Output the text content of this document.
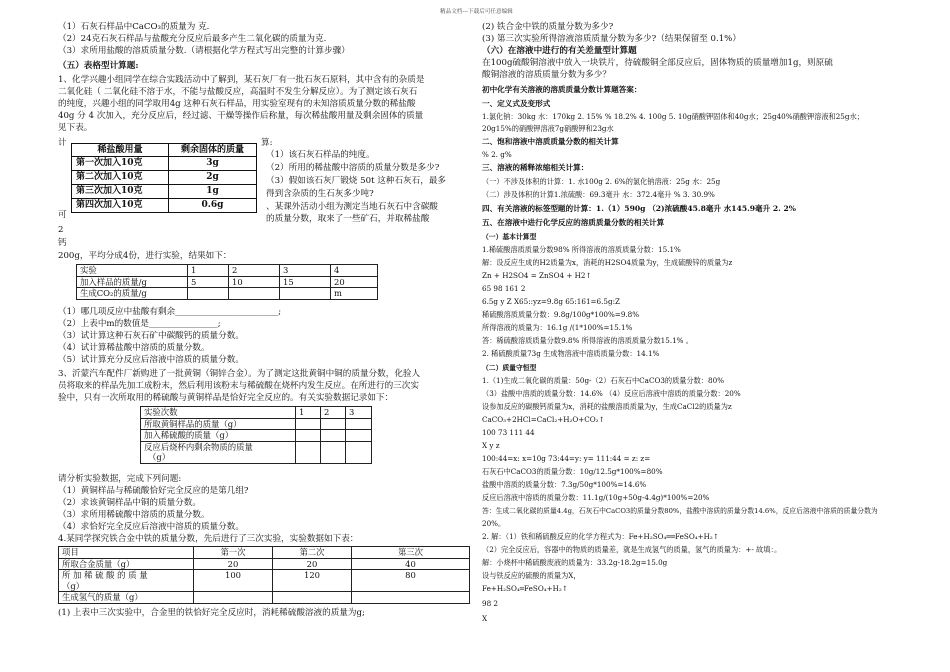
精品文档---下载后可任意编辑
（1）石灰石样品中CaCO₃的质量为 克.
（2）24克石灰石样品与盐酸充分反应后最多产生二氧化碳的质量为克.
（3）求所用盐酸的溶质质量分数.（请根据化学方程式写出完整的计算步骤）
（五）表格型计算题:
1、化学兴趣小组同学在综合实践活动中了解到，某石灰厂有一批石灰石原料，其中含有的杂质是
二氧化硅（ 二氧化硅不溶于水，不能与盐酸反应，高温时不发生分解反应）。为了测定该石灰石
的纯度，兴趣小组的同学取用4g 这种石灰石样品，用实验室现有的未知溶质质量分数的稀盐酸
40g 分 4 次加入，充分反应后，经过滤、干燥等操作后称量，每次稀盐酸用量及剩余固体的质量
见下表。
计	算:
可
2
钙
稀盐酸用量	剩余固体的质量
第一次加入10克	3g
第二次加入10克	2g
第三次加入10克	1g
第四次加入10克	0.6g
（1）该石灰石样品的纯度。
（2）所用的稀盐酸中溶质的质量分数是多少?
（3）假如该石灰厂锻烧 50t 这种石灰石，最多
得到含杂质的生石灰多少吨?
、某课外活动小组为测定当地石灰石中含碳酸
的质量分数，取来了一些矿石，并取稀盐酸
200g，平均分成4份，进行实验，结果如下：
实验	1	2	3	4
加入样品的质量/g	5	10	15	20
生成CO₂的质量/g				m
（1）哪几项反应中盐酸有剩余________________________;
（2）上表中m的数值是________________;
（3）试计算这种石灰石矿中碳酸钙的质量分数。
（4）试计算稀盐酸中溶质的质量分数。
（5）试计算充分反应后溶液中溶质的质量分数。
3、沂蒙汽车配件厂新购进了一批黄铜（铜锌合金）。为了测定这批黄铜中铜的质量分数，化验人
员将取来的样品先加工成粉末，然后利用该粉末与稀硫酸在烧杯内发生反应。在所进行的三次实
验中，只有一次所取用的稀硫酸与黄铜样品是恰好完全反应的。有关实验数据记录如下：
实验次数	1	2	3
所取黄铜样品的质量（g）			
加入稀硫酸的质量（g）			

反应后烧杯内剩余物质的质量
（g）			

请分析实验数据，完成下列问题:
（1）黄铜样品与稀硫酸恰好完全反应的是第几组?
（2）求该黄铜样品中铜的质量分数。
（3）求所用稀硫酸中溶质的质量分数。
（4）求恰好完全反应后溶液中溶质的质量分数。
4.某同学探究铁合金中铁的质量分数，先后进行了三次实验，实验数据如下表：
项目	第一次	第二次	第三次
所取合金质量（g）	20	20	40

所 加 稀 硫 酸 的 质 量
（g）	100	120	80
生成氢气的质量（g）			
(1) 上表中三次实验中，合金里的铁恰好完全反应时，消耗稀硫酸溶液的质量为g;
(2) 铁合金中铁的质量分数为多少?
(3) 第三次实验所得溶液溶质质量分数为多少?（结果保留至 0.1%）
（六）在溶液中进行的有关差量型计算题
在100g硫酸铜溶液中放入一块铁片，待硫酸铜全部反应后，固体物质的质量增加1g，则原硫
酸铜溶液的溶质质量分数为多少？
初中化学有关溶液的溶质质量分数计算题答案：
一、定义式及变形式
1.氯化钠：30kg 水：170kg 2. 15% % 18.2% 4. 100g 5. 10g硝酸钾固体和40g水；25g40%硝酸钾溶液和25g水；
20g15%的硝酸钾溶液7g硝酸钾和23g水
二、饱和溶液中溶质质量分数的相关计算
% 2. g%
三、溶液的稀释浓缩相关计算：
（一）不涉及体积的计算：1. 水100g 2. 6%的氯化钠溶液：25g 水：25g
（二）涉及体积的计算1.浓硫酸：69.3毫升 水：372.4毫升 % 3. 30.9%
四、有关溶液的标签型题的计算：1.（1）590g （2)浓硫酸45.8毫升 水145.9毫升 2. 2%
五、在溶液中进行化学反应的溶质质量分数的相关计算
（一）基本计算型
1.稀硫酸溶质质量分数98% 所得溶液的溶质质量分数：15.1%
解：设反应生成的H2质量为x，消耗的H2SO4质量为y，生成硫酸锌的质量为z
Zn + H2SO4 = ZnSO4 + H2↑
65 98 161 2
6.5g y Z X65::yz=9.8g 65:161=6.5g:Z
稀硫酸溶质质量分数：9.8g/100g*100%=9.8%
所得溶液的质量为：16.1g /(1*100%=15.1%
答：稀硫酸溶质质量分数9.8% 所得溶液的溶质质量分数15.1% 。
2. 稀硫酸质量73g 生成物溶液中溶质质量分数：14.1%
（二）质量守恒型
1.（1)生成二氧化碳的质量：50g-（2）石灰石中CaCO3的质量分数：80%
（3）盐酸中溶质的质量分数：14.6% （4）反应后溶液中溶质的质量分数：20%
设参加反应的碳酸钙质量为x，消耗的盐酸溶质质量为y，生成CaCl2的质量为z
CaCO₃+2HCl=CaCl₂+H₂O+CO₂↑
100 73 111 44
X y z
100:44=x: x=10g 73:44=y: y= 111:44 = z: z=
石灰石中CaCO3的质量分数：10g/12.5g*100%=80%
盐酸中溶质的质量分数：7.3g/50g*100%=14.6%
反应后溶液中溶质的质量分数：11.1g/(10g+50g-4.4g)*100%=20%
答：生成二氧化碳的质量4.4g，石灰石中CaCO3的质量分数80%，盐酸中溶质的质量分数14.6%，反应后溶液中溶质的质量分数为
20%。
2. 解：（1）铁和稀硫酸反应的化学方程式为：Fe+H₂SO₄══FeSO₄+H₂↑
（2）完全反应后，容器中的物质的质量差，就是生成氢气的质量，氢气的质量为：+- 故填：。
解：小烧杯中稀硫酸废液的质量为：33.2g-18.2g=15.0g
设与铁反应的硫酸的质量为X，
Fe+H₂SO₄═FeSO₄+H₂↑
98 2
X
